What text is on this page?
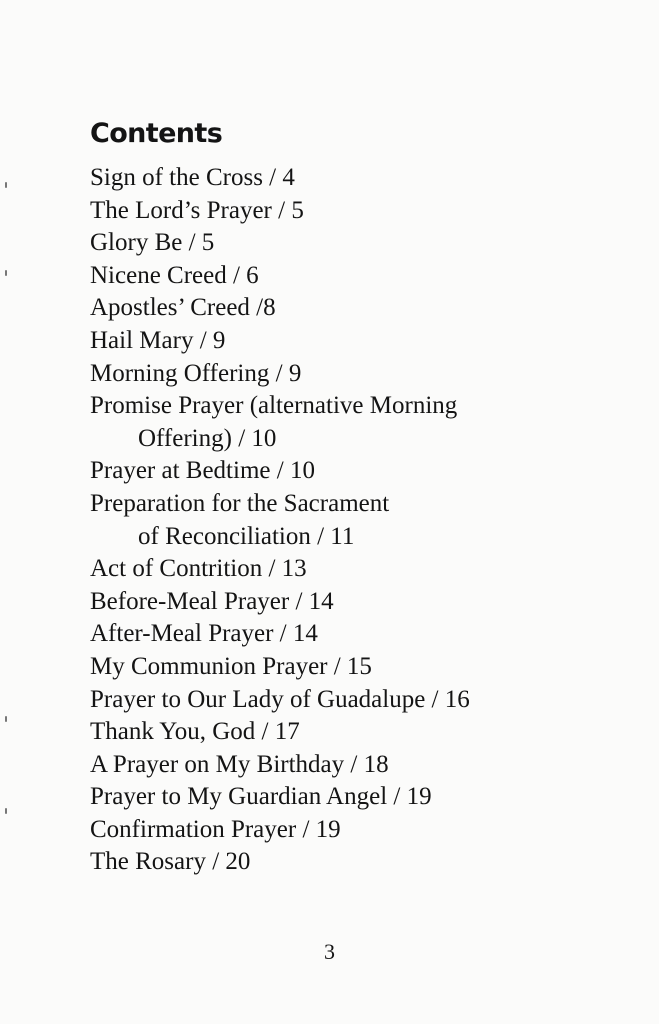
Contents
Sign of the Cross / 4
The Lord’s Prayer / 5
Glory Be / 5
Nicene Creed / 6
Apostles’ Creed /8
Hail Mary / 9
Morning Offering / 9
Promise Prayer (alternative Morning
Offering) / 10
Prayer at Bedtime / 10
Preparation for the Sacrament
of Reconciliation / 11
Act of Contrition / 13
Before-Meal Prayer / 14
After-Meal Prayer / 14
My Communion Prayer / 15
Prayer to Our Lady of Guadalupe / 16
Thank You, God / 17
A Prayer on My Birthday / 18
Prayer to My Guardian Angel / 19
Confirmation Prayer / 19
The Rosary / 20
3
